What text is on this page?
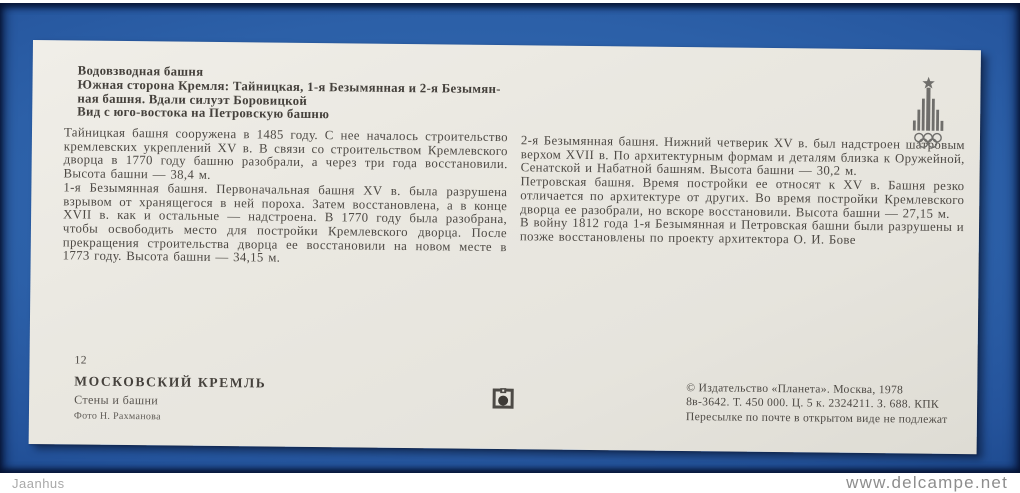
Водовзводная башня
Южная сторона Кремля: Тайницкая, 1-я Безымянная и 2-я Безымян-
ная башня. Вдали силуэт Боровицкой
Вид с юго-востока на Петровскую башню

Тайницкая башня сооружена в 1485 году. С нее началось строительство кремлевских укреплений XV в. В связи со строительством Кремлевского дворца в 1770 году башню разобрали, а через три года восстановили. Высота башни — 38,4 м.

1-я Безымянная башня. Первоначальная башня XV в. была разрушена взрывом от хранящегося в ней пороха. Затем восстановлена, а в конце XVII в. как и остальные — надстроена. В 1770 году была разобрана, чтобы освободить место для постройки Кремлевского дворца. После прекращения строительства дворца ее восстановили на новом месте в 1773 году. Высота башни — 34,15 м.

2-я Безымянная башня. Нижний четверик XV в. был надстроен шатровым верхом XVII в. По архитектурным формам и деталям близка к Оружейной, Сенатской и Набатной башням. Высота башни — 30,2 м.

Петровская башня. Время постройки ее относят к XV в. Башня резко отличается по архитектуре от других. Во время постройки Кремлевского дворца ее разобрали, но вскоре восстановили. Высота башни — 27,15 м.

В войну 1812 года 1-я Безымянная и Петровская башни были разрушены и позже восстановлены по проекту архитектора О. И. Бове

12
МОСКОВСКИЙ КРЕМЛЬ
Стены и башни
Фото Н. Рахманова
© Издательство «Планета». Москва, 1978
8в-3642. Т. 450 000. Ц. 5 к. 2324211. З. 688. КПК
Пересылке по почте в открытом виде не подлежат
Jaanhus	www.delcampe.net
